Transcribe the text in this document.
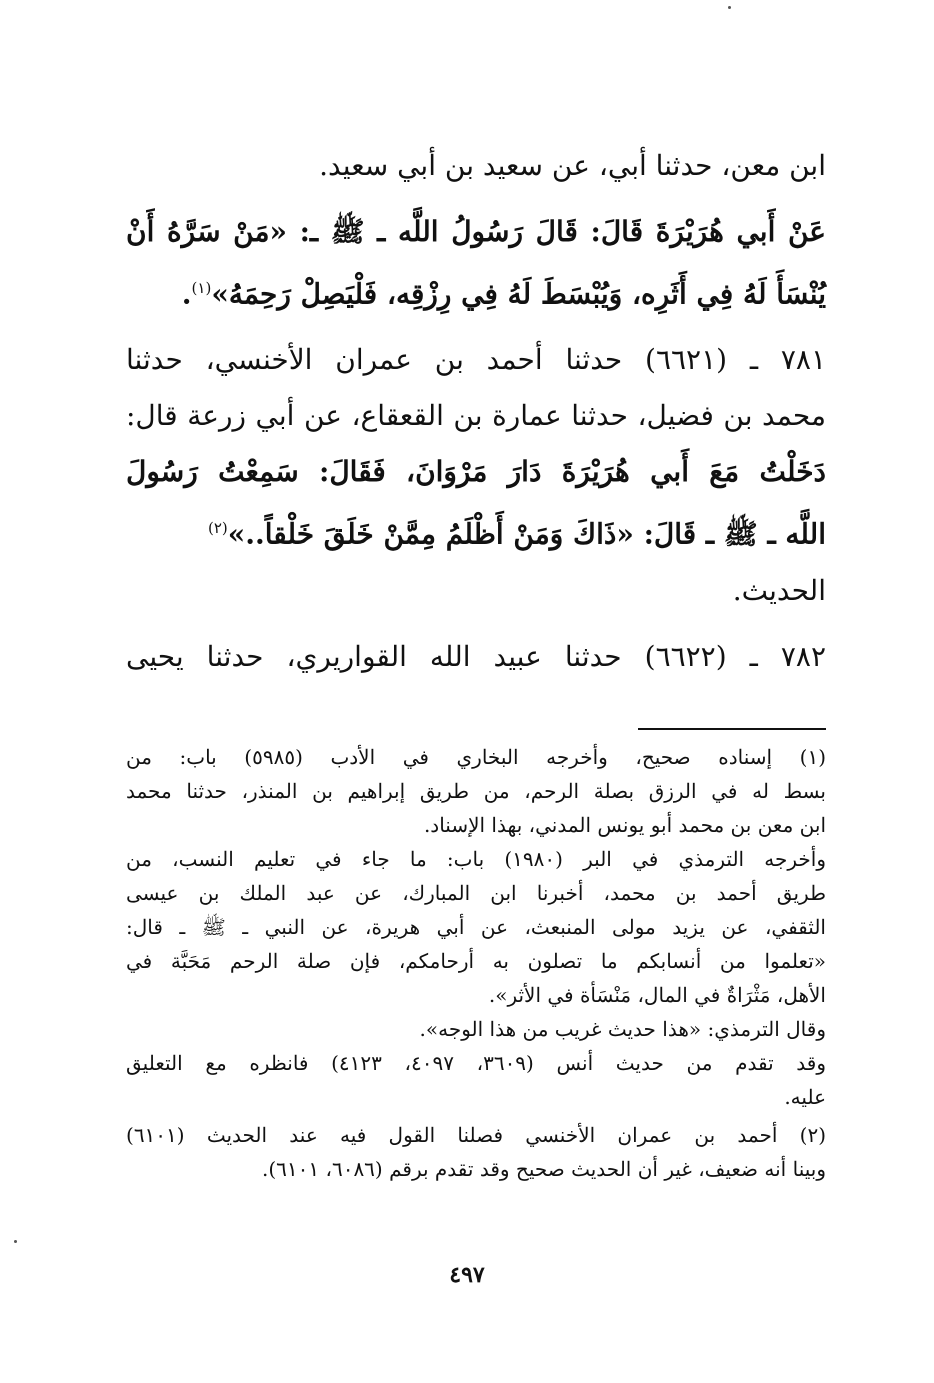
ابن معن، حدثنا أبي، عن سعيد بن أبي سعيد.
عَنْ أَبي هُرَيْرَةَ قَالَ: قَالَ رَسُولُ اللَّه ـ ﷺ ـ: «مَنْ سَرَّهُ أَنْ
يُنْسَأَ لَهُ فِي أَثَرِه، وَيُبْسَطَ لَهُ فِي رِزْقِه، فَلْيَصِلْ رَحِمَهُ»$^{(١)}$.
٧٨١ ـ (٦٦٢١) حدثنا أحمد بن عمران الأخنسي، حدثنا
محمد بن فضيل، حدثنا عمارة بن القعقاع، عن أبي زرعة قال:
دَخَلْتُ مَعَ أَبي هُرَيْرَةَ دَارَ مَرْوَانَ، فَقَالَ: سَمِعْتُ رَسُولَ
اللَّه ـ ﷺ ـ قَالَ: «ذَاكَ وَمَنْ أَظْلَمُ مِمَّنْ خَلَقَ خَلْقاً..»$^{(٢)}$
الحديث.
٧٨٢ ـ (٦٦٢٢) حدثنا عبيد الله القواريري، حدثنا يحيى
(١) إسناده صحيح، وأخرجه البخاري في الأدب (٥٩٨٥) باب: من
بسط له في الرزق بصلة الرحم، من طريق إبراهيم بن المنذر، حدثنا محمد
ابن معن بن محمد أبو يونس المدني، بهذا الإسناد.
وأخرجه الترمذي في البر (١٩٨٠) باب: ما جاء في تعليم النسب، من
طريق أحمد بن محمد، أخبرنا ابن المبارك، عن عبد الملك بن عيسى
الثقفي، عن يزيد مولى المنبعث، عن أبي هريرة، عن النبي ـ ﷺ ـ قال:
«تعلموا من أنسابكم ما تصلون به أرحامكم، فإن صلة الرحم مَحَبَّة في
الأهل، مَثْرَاةٌ في المال، مَنْسَأة في الأثر».
وقال الترمذي: «هذا حديث غريب من هذا الوجه».
وقد تقدم من حديث أنس (٣٦٠٩، ٤٠٩٧، ٤١٢٣) فانظره مع التعليق
عليه.
(٢) أحمد بن عمران الأخنسي فصلنا القول فيه عند الحديث (٦١٠١)
وبينا أنه ضعيف، غير أن الحديث صحيح وقد تقدم برقم (٦٠٨٦، ٦١٠١).
٤٩٧
